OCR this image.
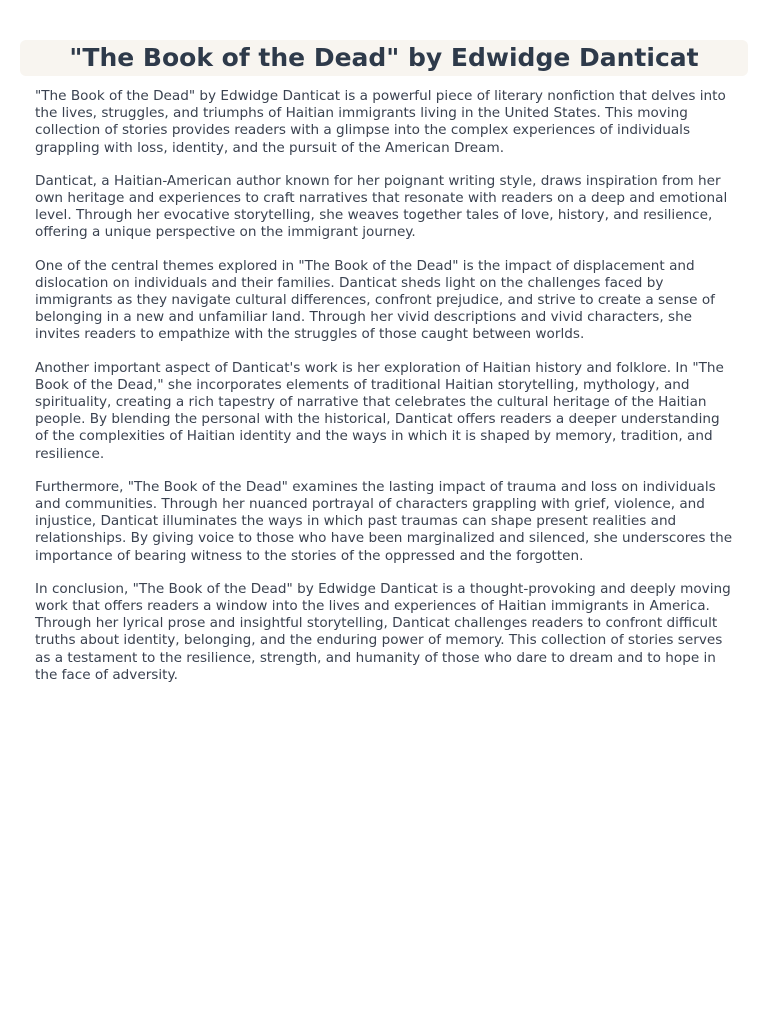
"The Book of the Dead" by Edwidge Danticat

"The Book of the Dead" by Edwidge Danticat is a powerful piece of literary nonfiction that delves into the lives, struggles, and triumphs of Haitian immigrants living in the United States. This moving collection of stories provides readers with a glimpse into the complex experiences of individuals grappling with loss, identity, and the pursuit of the American Dream.

Danticat, a Haitian-American author known for her poignant writing style, draws inspiration from her own heritage and experiences to craft narratives that resonate with readers on a deep and emotional level. Through her evocative storytelling, she weaves together tales of love, history, and resilience, offering a unique perspective on the immigrant journey.

One of the central themes explored in "The Book of the Dead" is the impact of displacement and dislocation on individuals and their families. Danticat sheds light on the challenges faced by immigrants as they navigate cultural differences, confront prejudice, and strive to create a sense of belonging in a new and unfamiliar land. Through her vivid descriptions and vivid characters, she invites readers to empathize with the struggles of those caught between worlds.

Another important aspect of Danticat's work is her exploration of Haitian history and folklore. In "The Book of the Dead," she incorporates elements of traditional Haitian storytelling, mythology, and spirituality, creating a rich tapestry of narrative that celebrates the cultural heritage of the Haitian people. By blending the personal with the historical, Danticat offers readers a deeper understanding of the complexities of Haitian identity and the ways in which it is shaped by memory, tradition, and resilience.

Furthermore, "The Book of the Dead" examines the lasting impact of trauma and loss on individuals and communities. Through her nuanced portrayal of characters grappling with grief, violence, and injustice, Danticat illuminates the ways in which past traumas can shape present realities and relationships. By giving voice to those who have been marginalized and silenced, she underscores the importance of bearing witness to the stories of the oppressed and the forgotten.

In conclusion, "The Book of the Dead" by Edwidge Danticat is a thought-provoking and deeply moving work that offers readers a window into the lives and experiences of Haitian immigrants in America. Through her lyrical prose and insightful storytelling, Danticat challenges readers to confront difficult truths about identity, belonging, and the enduring power of memory. This collection of stories serves as a testament to the resilience, strength, and humanity of those who dare to dream and to hope in the face of adversity.
